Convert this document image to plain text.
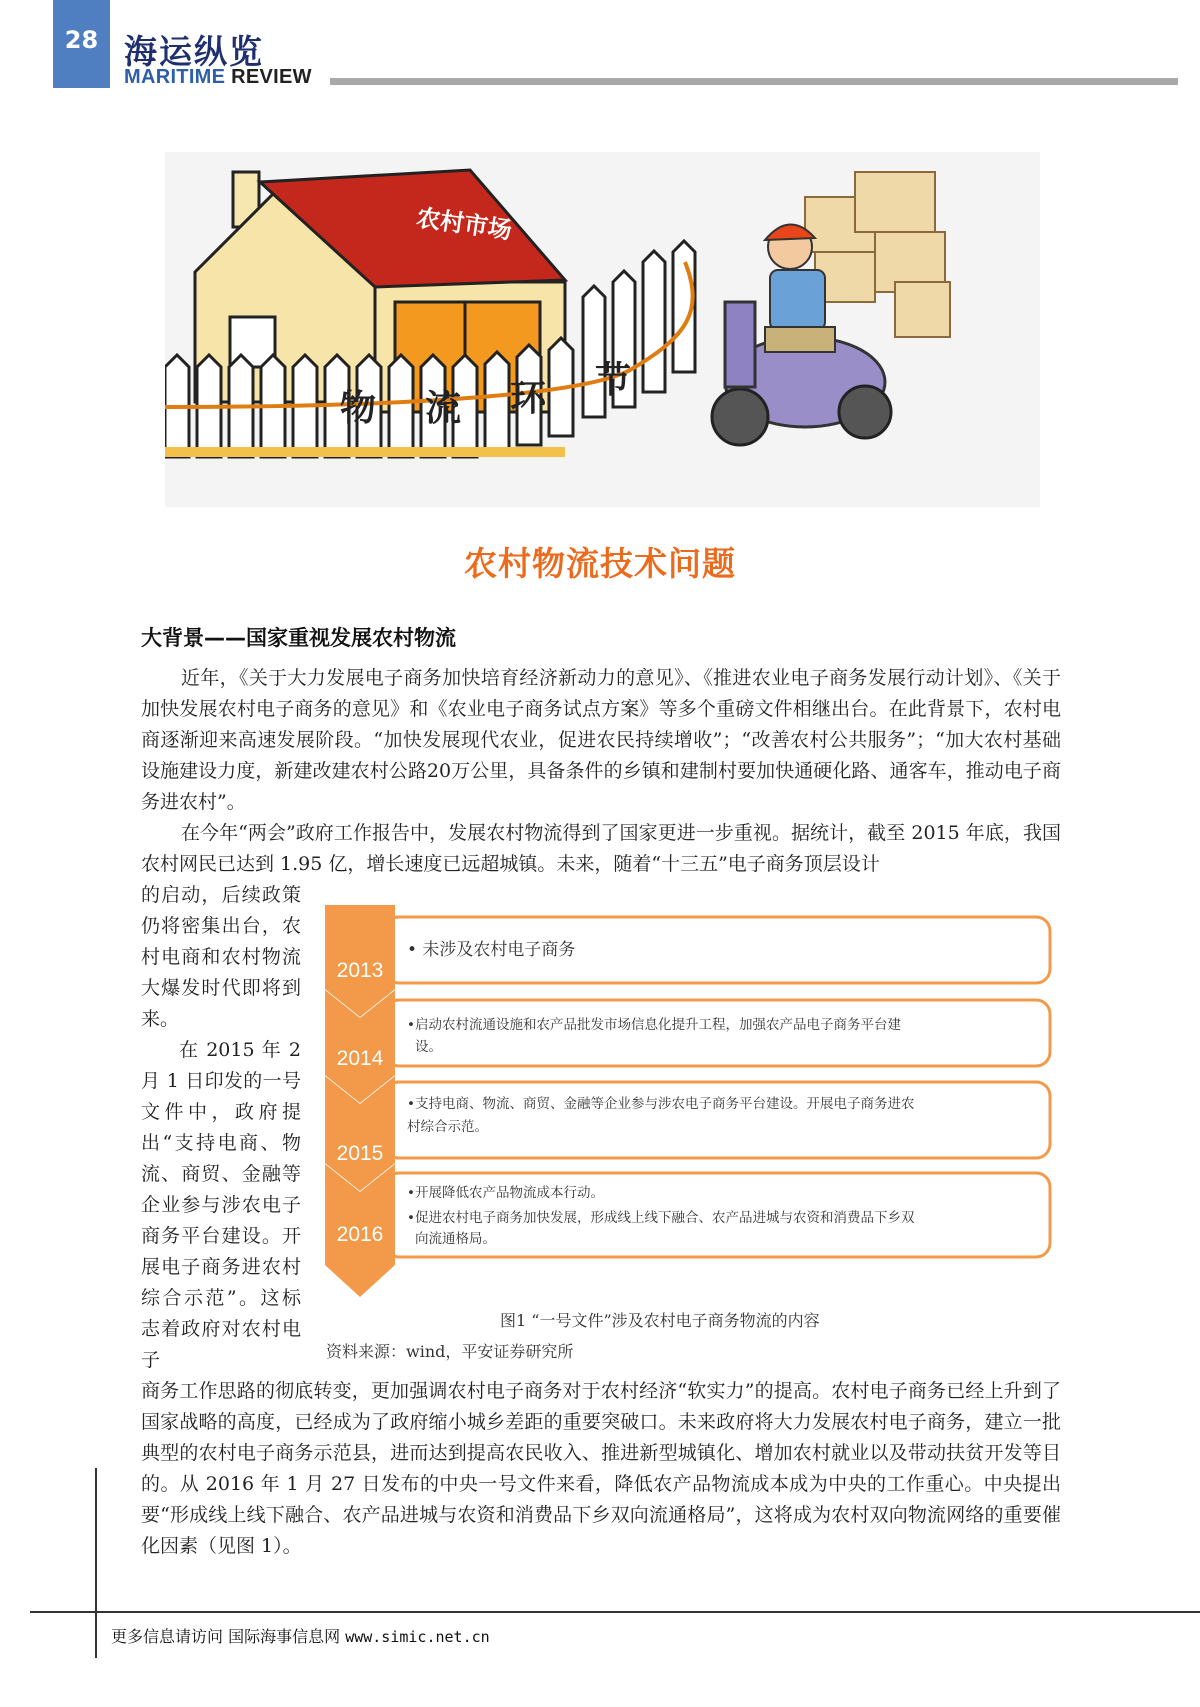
28 海运纵览
MARITIME REVIEW
农村市场
物 流 环 节
农村物流技术问题
大背景——国家重视发展农村物流
近年，《关于大力发展电子商务加快培育经济新动力的意见》、《推进农业电子商务发展行动计划》、《关于加快发展农村电子商务的意见》和《农业电子商务试点方案》等多个重磅文件相继出台。在此背景下，农村电商逐渐迎来高速发展阶段。“加快发展现代农业，促进农民持续增收”；“改善农村公共服务”；“加大农村基础设施建设力度，新建改建农村公路20万公里，具备条件的乡镇和建制村要加快通硬化路、通客车，推动电子商务进农村”。
在今年“两会”政府工作报告中，发展农村物流得到了国家更进一步重视。据统计，截至 2015 年底，我国农村网民已达到 1.95 亿，增长速度已远超城镇。未来，随着“十三五”电子商务顶层设计
的启动，后续政策仍将密集出台，农村电商和农村物流大爆发时代即将到来。
在 2015 年 2 月 1 日印发的一号文件中，政府提出“支持电商、物流、商贸、金融等企业参与涉农电子商务平台建设。开展电子商务进农村综合示范”。这标志着政府对农村电子
2013
• 未涉及农村电子商务
2014
•启动农村流通设施和农产品批发市场信息化提升工程，加强农产品电子商务平台建
设。
2015
•支持电商、物流、商贸、金融等企业参与涉农电子商务平台建设。开展电子商务进农
村综合示范。
2016
•开展降低农产品物流成本行动。
•促进农村电子商务加快发展，形成线上线下融合、农产品进城与农资和消费品下乡双
向流通格局。
图1 “一号文件”涉及农村电子商务物流的内容
资料来源：wind，平安证券研究所
商务工作思路的彻底转变，更加强调农村电子商务对于农村经济“软实力”的提高。农村电子商务已经上升到了国家战略的高度，已经成为了政府缩小城乡差距的重要突破口。未来政府将大力发展农村电子商务，建立一批典型的农村电子商务示范县，进而达到提高农民收入、推进新型城镇化、增加农村就业以及带动扶贫开发等目的。从 2016 年 1 月 27 日发布的中央一号文件来看，降低农产品物流成本成为中央的工作重心。中央提出要“形成线上线下融合、农产品进城与农资和消费品下乡双向流通格局”，这将成为农村双向物流网络的重要催化因素（见图 1）。
更多信息请访问 国际海事信息网 www.simic.net.cn
